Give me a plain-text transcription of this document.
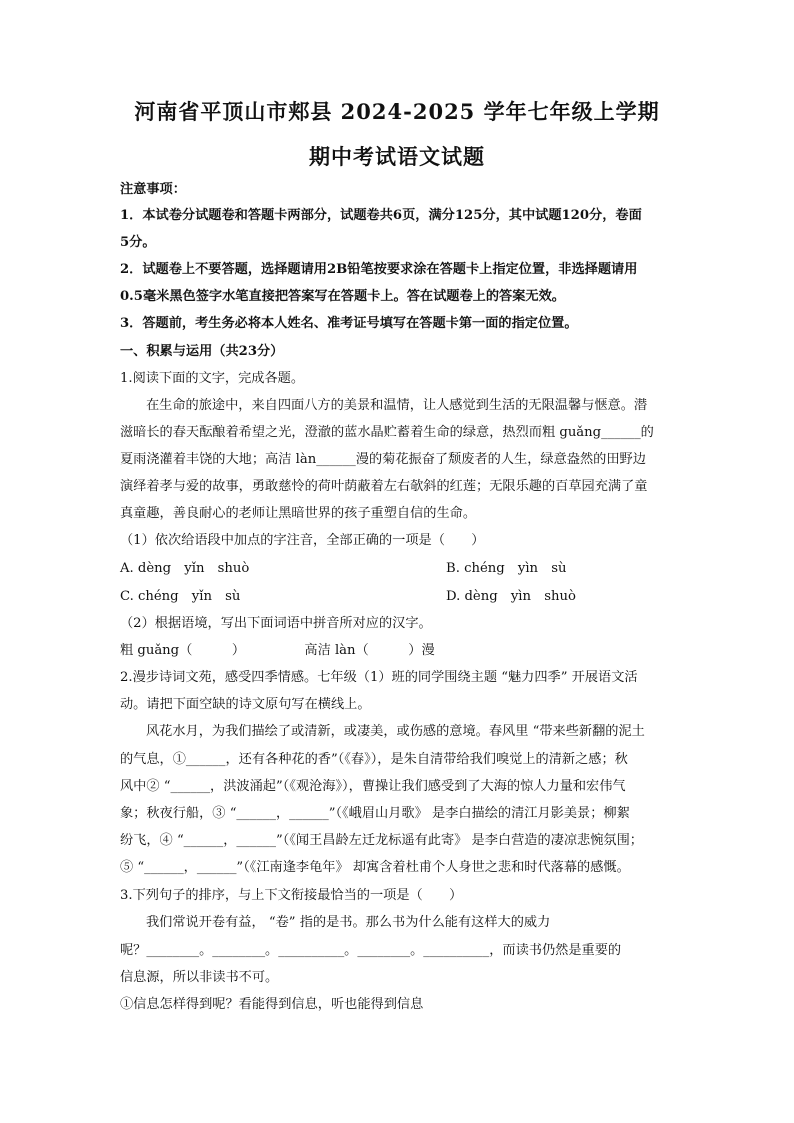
河南省平顶山市郏县 2024-2025 学年七年级上学期
期中考试语文试题
注意事项：
1．本试卷分试题卷和答题卡两部分，试题卷共6页，满分125分，其中试题120分，卷面
5分。
2．试题卷上不要答题，选择题请用2B铅笔按要求涂在答题卡上指定位置，非选择题请用
0.5毫米黑色签字水笔直接把答案写在答题卡上。答在试题卷上的答案无效。
3．答题前，考生务必将本人姓名、准考证号填写在答题卡第一面的指定位置。
一、积累与运用（共23分）
1.阅读下面的文字，完成各题。
在生命的旅途中，来自四面八方的美景和温情，让人感觉到生活的无限温馨与惬意。潜
滋暗长的春天酝酿着希望之光，澄澈的蓝水晶贮蓄着生命的绿意，热烈而粗 guǎng______的
夏雨浇灌着丰饶的大地；高洁 làn______漫的菊花振奋了颓废者的人生，绿意盎然的田野边
演绎着孝与爱的故事，勇敢慈怜的荷叶荫蔽着左右欹斜的红莲；无限乐趣的百草园充满了童
真童趣，善良耐心的老师让黑暗世界的孩子重塑自信的生命。
（1）依次给语段中加点的字注音，全部正确的一项是（　　）
A. dèng　yǐn　shuò	B. chéng　yìn　sù
C. chéng　yǐn　sù	D. dèng　yìn　shuò
（2）根据语境，写出下面词语中拼音所对应的汉字。
粗 guǎng（　　　）　　　　　高洁 làn（　　　）漫
2.漫步诗词文苑，感受四季情感。七年级（1）班的同学围绕主题 “魅力四季” 开展语文活
动。请把下面空缺的诗文原句写在横线上。
风花水月，为我们描绘了或清新，或凄美，或伤感的意境。春风里 “带来些新翻的泥土
的气息，①______，还有各种花的香”（《春》），是朱自清带给我们嗅觉上的清新之感；秋
风中② “______，洪波涌起”（《观沧海》），曹操让我们感受到了大海的惊人力量和宏伟气
象；秋夜行船，③ “______，______”（《峨眉山月歌》 是李白描绘的清江月影美景；柳絮
纷飞，④ “______，______”（《闻王昌龄左迁龙标遥有此寄》 是李白营造的凄凉悲惋氛围；
⑤ “______，______”（《江南逢李龟年》 却寓含着杜甫个人身世之悲和时代落幕的感慨。
3.下列句子的排序，与上下文衔接最恰当的一项是（　　）
我们常说开卷有益， “卷” 指的是书。那么书为什么能有这样大的威力
呢？________。________。__________。________。__________，而读书仍然是重要的
信息源，所以非读书不可。
①信息怎样得到呢？看能得到信息，听也能得到信息
